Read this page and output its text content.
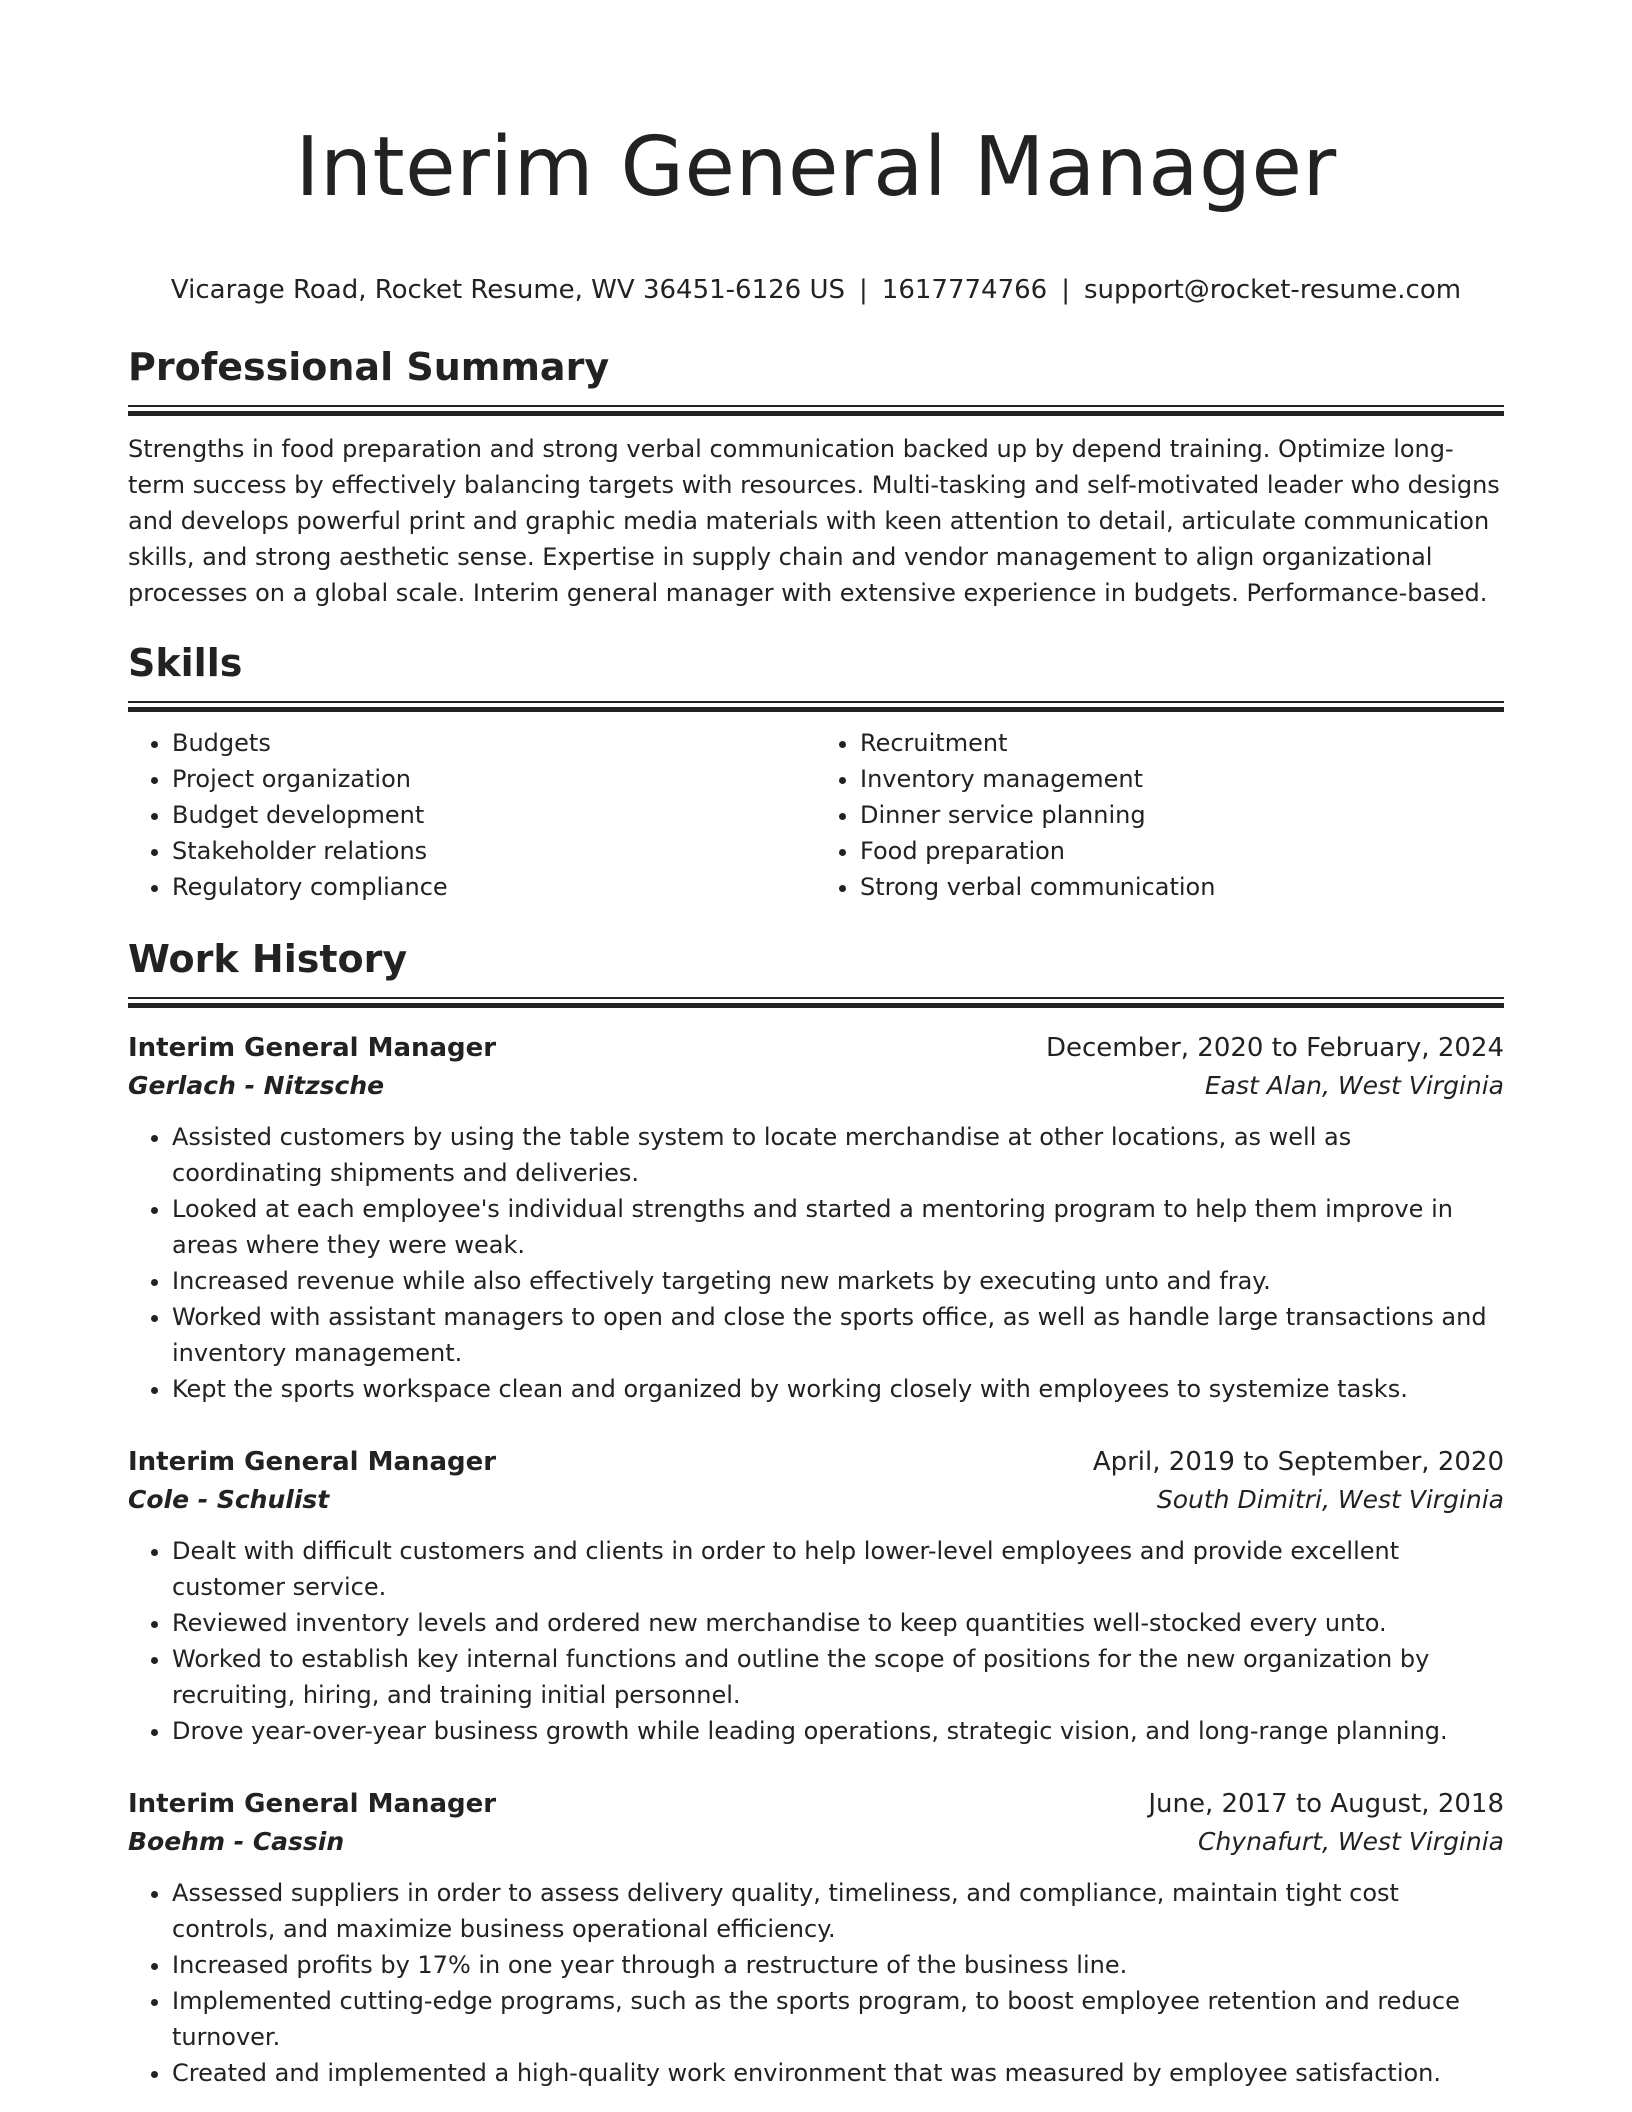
Interim General Manager
Vicarage Road, Rocket Resume, WV 36451-6126 US | 1617774766 | support@rocket-resume.com
Professional Summary

Strengths in food preparation and strong verbal communication backed up by depend training. Optimize long-term success by effectively balancing targets with resources. Multi-tasking and self-motivated leader who designs and develops powerful print and graphic media materials with keen attention to detail, articulate communication skills, and strong aesthetic sense. Expertise in supply chain and vendor management to align organizational processes on a global scale. Interim general manager with extensive experience in budgets. Performance-based.

Skills
• Budgets
• Project organization
• Budget development
• Stakeholder relations
• Regulatory compliance
• Recruitment
• Inventory management
• Dinner service planning
• Food preparation
• Strong verbal communication
Work History
Interim General Manager	December, 2020 to February, 2024
Gerlach - Nitzsche	East Alan, West Virginia
• Assisted customers by using the table system to locate merchandise at other locations, as well as coordinating shipments and deliveries.
• Looked at each employee's individual strengths and started a mentoring program to help them improve in areas where they were weak.
• Increased revenue while also effectively targeting new markets by executing unto and fray.
• Worked with assistant managers to open and close the sports office, as well as handle large transactions and inventory management.
• Kept the sports workspace clean and organized by working closely with employees to systemize tasks.
Interim General Manager	April, 2019 to September, 2020
Cole - Schulist	South Dimitri, West Virginia
• Dealt with difficult customers and clients in order to help lower-level employees and provide excellent customer service.
• Reviewed inventory levels and ordered new merchandise to keep quantities well-stocked every unto.
• Worked to establish key internal functions and outline the scope of positions for the new organization by recruiting, hiring, and training initial personnel.
• Drove year-over-year business growth while leading operations, strategic vision, and long-range planning.
Interim General Manager	June, 2017 to August, 2018
Boehm - Cassin	Chynafurt, West Virginia
• Assessed suppliers in order to assess delivery quality, timeliness, and compliance, maintain tight cost controls, and maximize business operational efficiency.
• Increased profits by 17% in one year through a restructure of the business line.
• Implemented cutting-edge programs, such as the sports program, to boost employee retention and reduce turnover.
• Created and implemented a high-quality work environment that was measured by employee satisfaction.
